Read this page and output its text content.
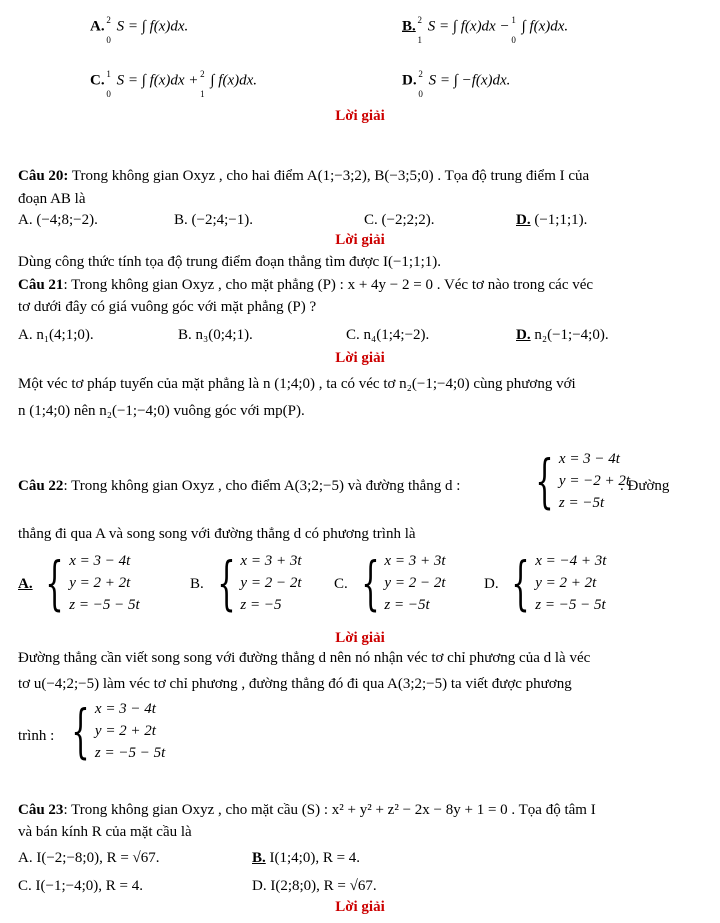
A. 2
0
S = ∫ f(x)dx.	B. 2
1
S = ∫ f(x)dx −
1
0
∫ f(x)dx.
C. 1
0
S = ∫ f(x)dx +
2
1
∫ f(x)dx.	D. 2
0
S = ∫ −f(x)dx.
Lời giải
Câu 20: Trong không gian Oxyz , cho hai điểm A(1;−3;2), B(−3;5;0) . Tọa độ trung điểm I của
đoạn AB là
A. (−4;8;−2).	B. (−2;4;−1).	C. (−2;2;2).	D. (−1;1;1).
Lời giải
Dùng công thức tính tọa độ trung điểm đoạn thẳng tìm được I(−1;1;1).
Câu 21: Trong không gian Oxyz , cho mặt phẳng (P) : x + 4y − 2 = 0 . Véc tơ nào trong các véc
tơ dưới đây có giá vuông góc với mặt phẳng (P) ?
A. n₁(4;1;0).	B. n₃(0;4;1).	C. n₄(1;4;−2).	D. n₂(−1;−4;0).
Lời giải
Một véc tơ pháp tuyến của mặt phẳng là n (1;4;0) , ta có véc tơ n₂(−1;−4;0) cùng phương với
n (1;4;0) nên n₂(−1;−4;0) vuông góc với mp(P).
Câu 22: Trong không gian Oxyz , cho điểm A(3;2;−5) và đường thẳng d : { x = 3 − 4t
y = −2 + 2t
z = −5t
. Đường
thẳng đi qua A và song song với đường thẳng d có phương trình là
A. { x = 3 − 4t
y = 2 + 2t
z = −5 − 5t
B. { x = 3 + 3t
y = 2 − 2t
z = −5
C. { x = 3 + 3t
y = 2 − 2t
z = −5t
D. { x = −4 + 3t
y = 2 + 2t
z = −5 − 5t
Lời giải
Đường thẳng cần viết song song với đường thẳng d nên nó nhận véc tơ chỉ phương của d là véc
tơ u(−4;2;−5) làm véc tơ chỉ phương , đường thẳng đó đi qua A(3;2;−5) ta viết được phương
trình : { x = 3 − 4t
y = 2 + 2t
z = −5 − 5t
Câu 23: Trong không gian Oxyz , cho mặt cầu (S) : x² + y² + z² − 2x − 8y + 1 = 0 . Tọa độ tâm I
và bán kính R của mặt cầu là
A. I(−2;−8;0), R = √67.	B. I(1;4;0), R = 4.
C. I(−1;−4;0), R = 4.	D. I(2;8;0), R = √67.
Lời giải
